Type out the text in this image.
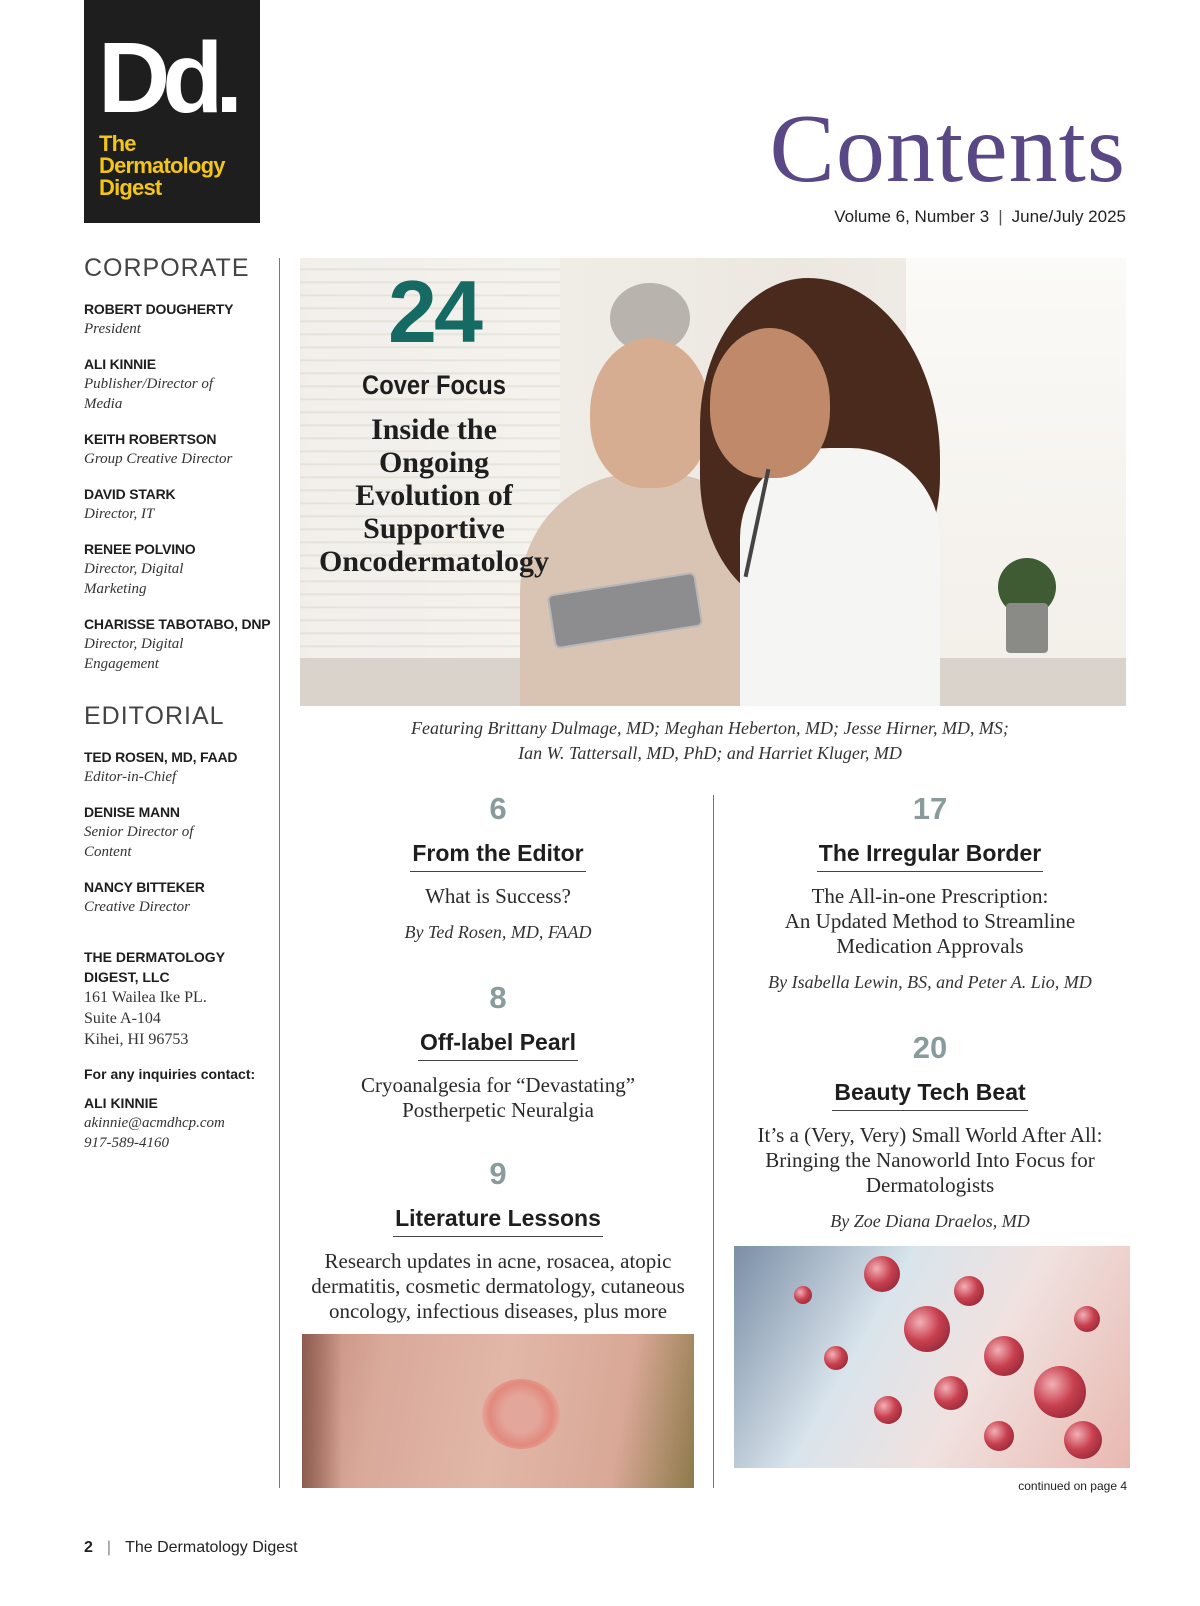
Dd.
The
Dermatology
Digest	Contents
Volume 6, Number 3 | June/July 2025
CORPORATE
ROBERT DOUGHERTY
President
ALI KINNIE
Publisher/Director of Media
KEITH ROBERTSON
Group Creative Director
DAVID STARK
Director, IT
RENEE POLVINO
Director, Digital Marketing
CHARISSE TABOTABO, DNP
Director, Digital Engagement
EDITORIAL
TED ROSEN, MD, FAAD
Editor-in-Chief
DENISE MANN
Senior Director of Content
NANCY BITTEKER
Creative Director
THE DERMATOLOGY DIGEST, LLC
161 Wailea Ike PL.
Suite A-104
Kihei, HI 96753
For any inquiries contact:
ALI KINNIE
akinnie@acmdhcp.com
917-589-4160
24
Cover Focus
Inside the
Ongoing
Evolution of
Supportive
Oncodermatology
Featuring Brittany Dulmage, MD; Meghan Heberton, MD; Jesse Hirner, MD, MS;
Ian W. Tattersall, MD, PhD; and Harriet Kluger, MD
6
From the Editor
What is Success?
By Ted Rosen, MD, FAAD
8
Off-label Pearl
Cryoanalgesia for “Devastating”
Postherpetic Neuralgia
9
Literature Lessons
Research updates in acne, rosacea, atopic
dermatitis, cosmetic dermatology, cutaneous
oncology, infectious diseases, plus more
17
The Irregular Border
The All-in-one Prescription:
An Updated Method to Streamline
Medication Approvals
By Isabella Lewin, BS, and Peter A. Lio, MD
20
Beauty Tech Beat
It’s a (Very, Very) Small World After All:
Bringing the Nanoworld Into Focus for
Dermatologists
By Zoe Diana Draelos, MD
continued on page 4
2 | The Dermatology Digest
